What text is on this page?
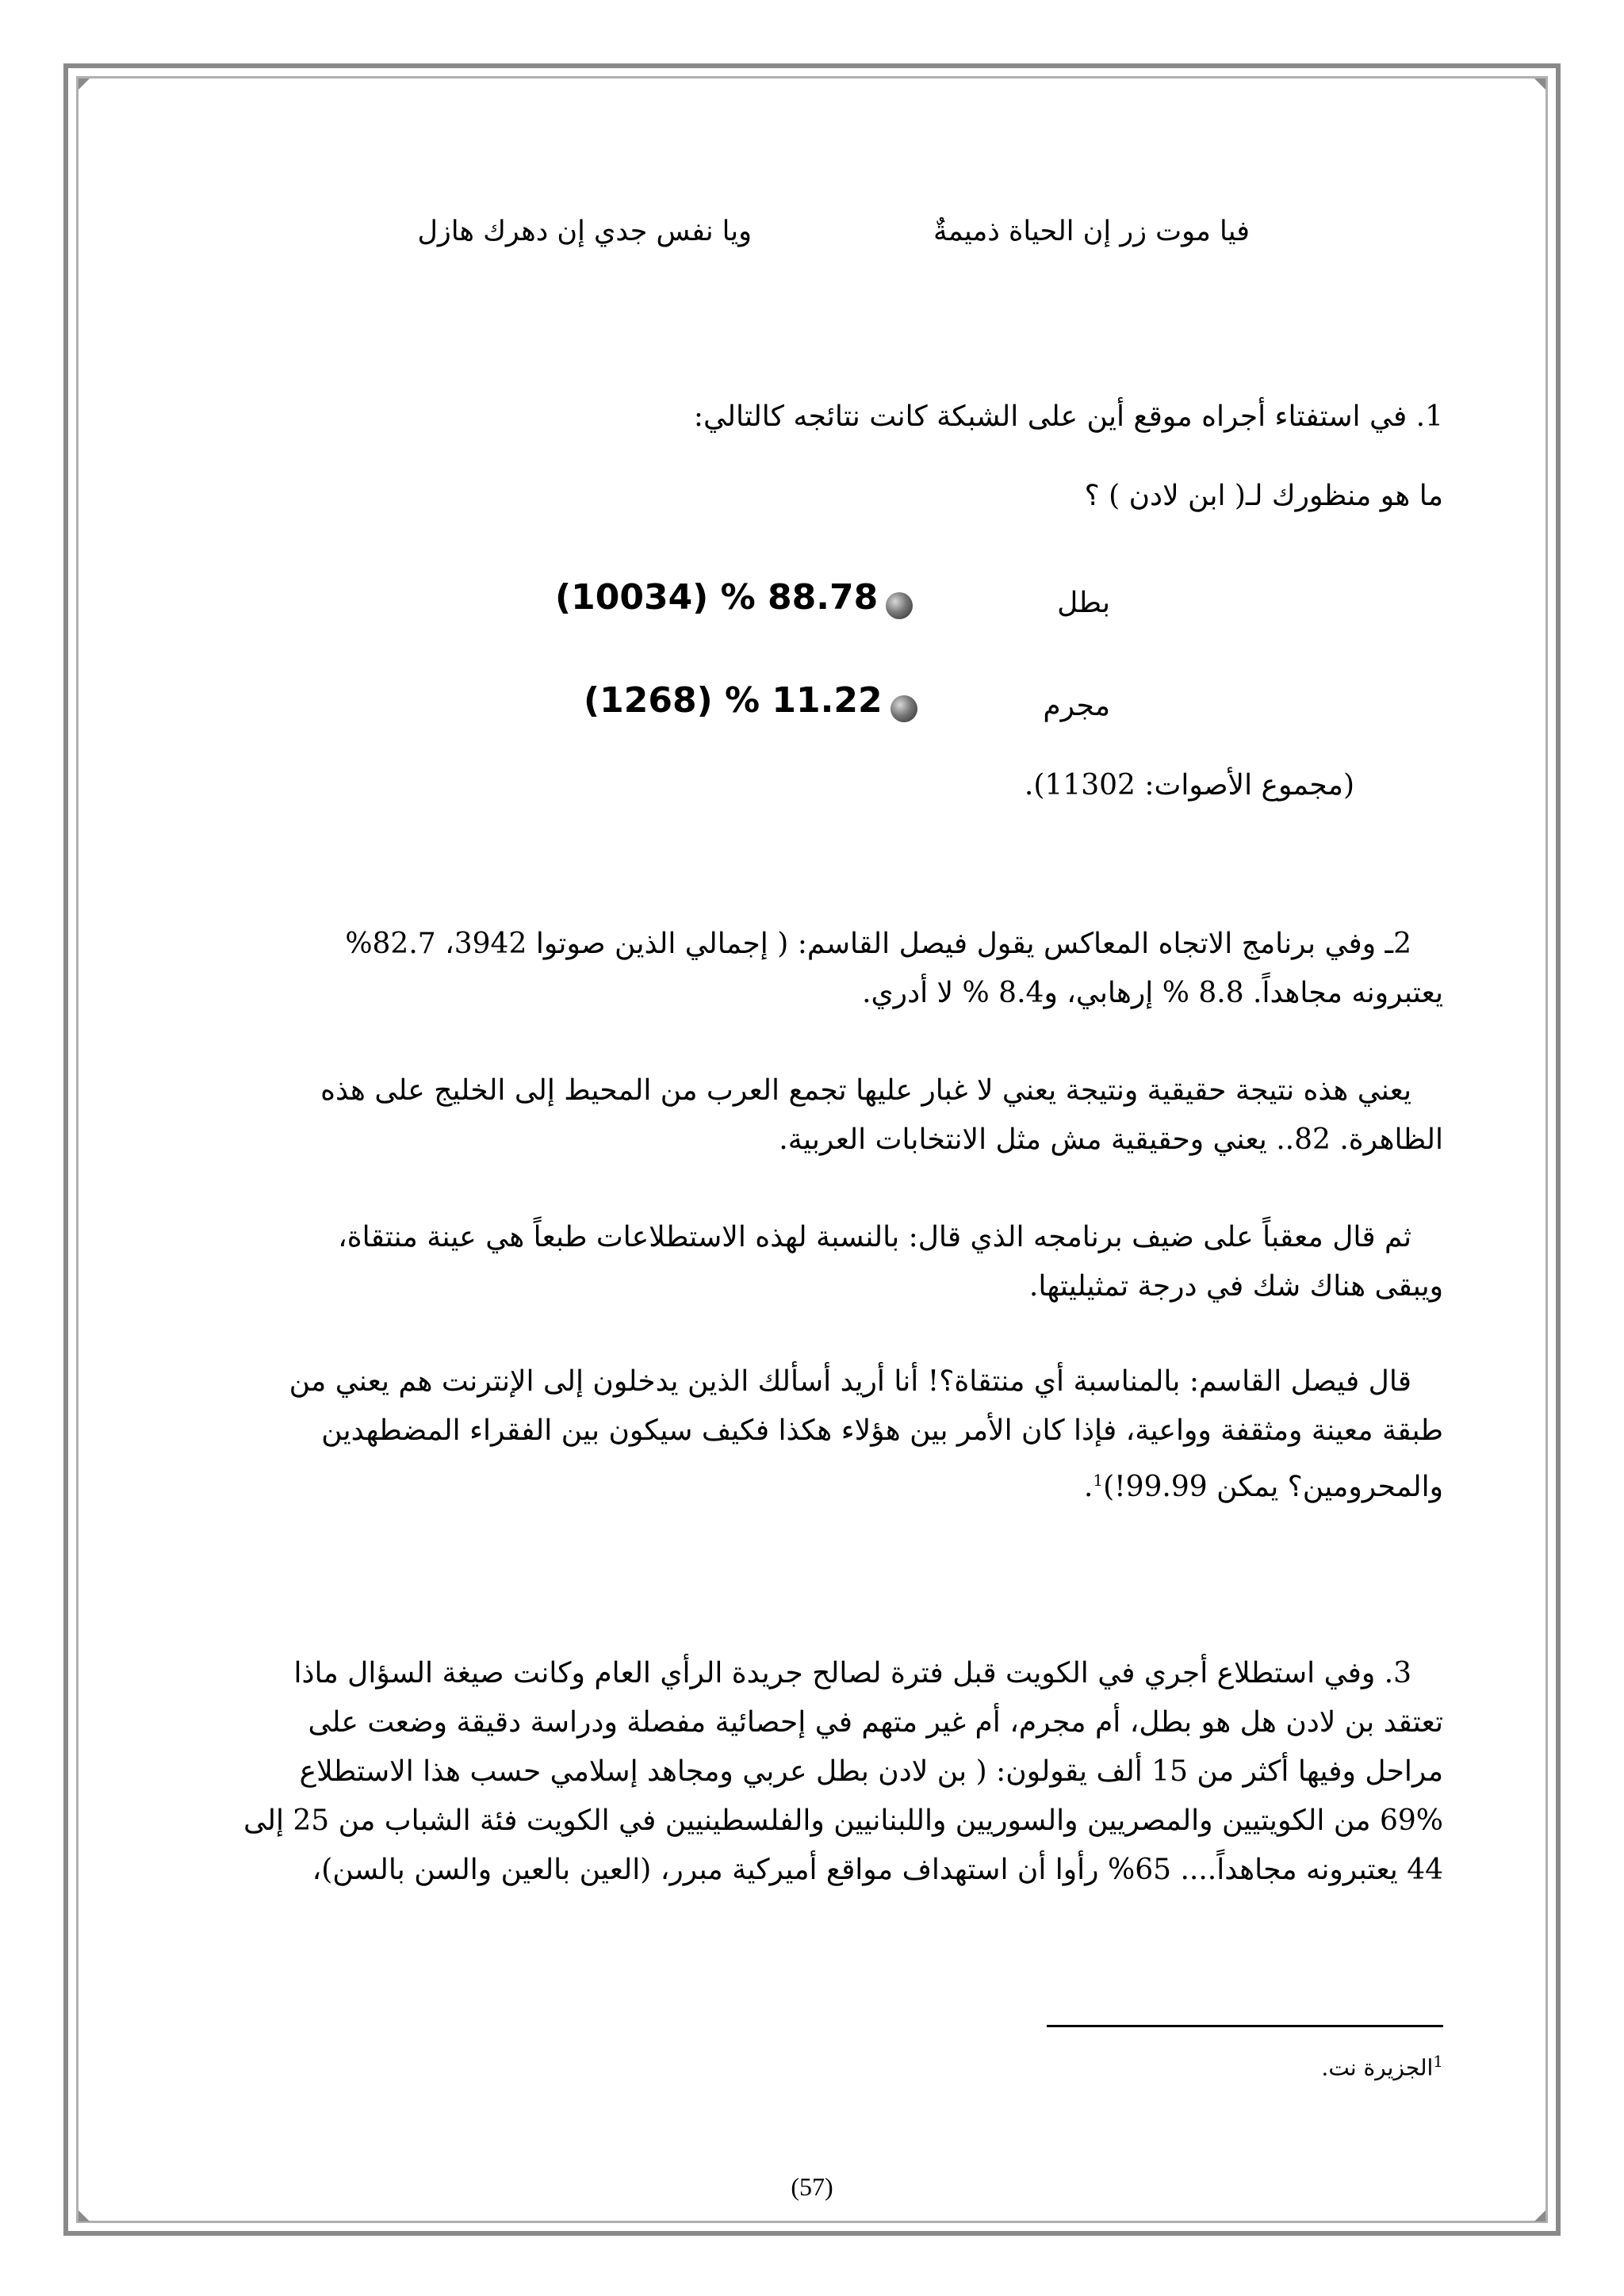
فيا موت زر إن الحياة ذميمةٌ
ويا نفس جدي إن دهرك هازل
1. في استفتاء أجراه موقع أين على الشبكة كانت نتائجه كالتالي:
ما هو منظورك لـ( ابن لادن ) ؟
بطل
(10034) % 88.78
مجرم
(1268) % 11.22
(مجموع الأصوات: 11302).
2ـ وفي برنامج الاتجاه المعاكس يقول فيصل القاسم: ( إجمالي الذين صوتوا 3942، 82.7%
يعتبرونه مجاهداً. 8.8 % إرهابي، و8.4 % لا أدري.
يعني هذه نتيجة حقيقية ونتيجة يعني لا غبار عليها تجمع العرب من المحيط إلى الخليج على هذه
الظاهرة. 82.. يعني وحقيقية مش مثل الانتخابات العربية.
ثم قال معقباً على ضيف برنامجه الذي قال: بالنسبة لهذه الاستطلاعات طبعاً هي عينة منتقاة،
ويبقى هناك شك في درجة تمثيليتها.
قال فيصل القاسم: بالمناسبة أي منتقاة؟! أنا أريد أسألك الذين يدخلون إلى الإنترنت هم يعني من
طبقة معينة ومثقفة وواعية، فإذا كان الأمر بين هؤلاء هكذا فكيف سيكون بين الفقراء المضطهدين
والمحرومين؟ يمكن 99.99!)$^1$.
3. وفي استطلاع أجري في الكويت قبل فترة لصالح جريدة الرأي العام وكانت صيغة السؤال ماذا
تعتقد بن لادن هل هو بطل، أم مجرم، أم غير متهم في إحصائية مفصلة ودراسة دقيقة وضعت على
مراحل وفيها أكثر من 15 ألف يقولون: ( بن لادن بطل عربي ومجاهد إسلامي حسب هذا الاستطلاع
69% من الكويتيين والمصريين والسوريين واللبنانيين والفلسطينيين في الكويت فئة الشباب من 25 إلى
44 يعتبرونه مجاهداً.... 65% رأوا أن استهداف مواقع أميركية مبرر، (العين بالعين والسن بالسن)،
$^1$الجزيرة نت.
(57)
